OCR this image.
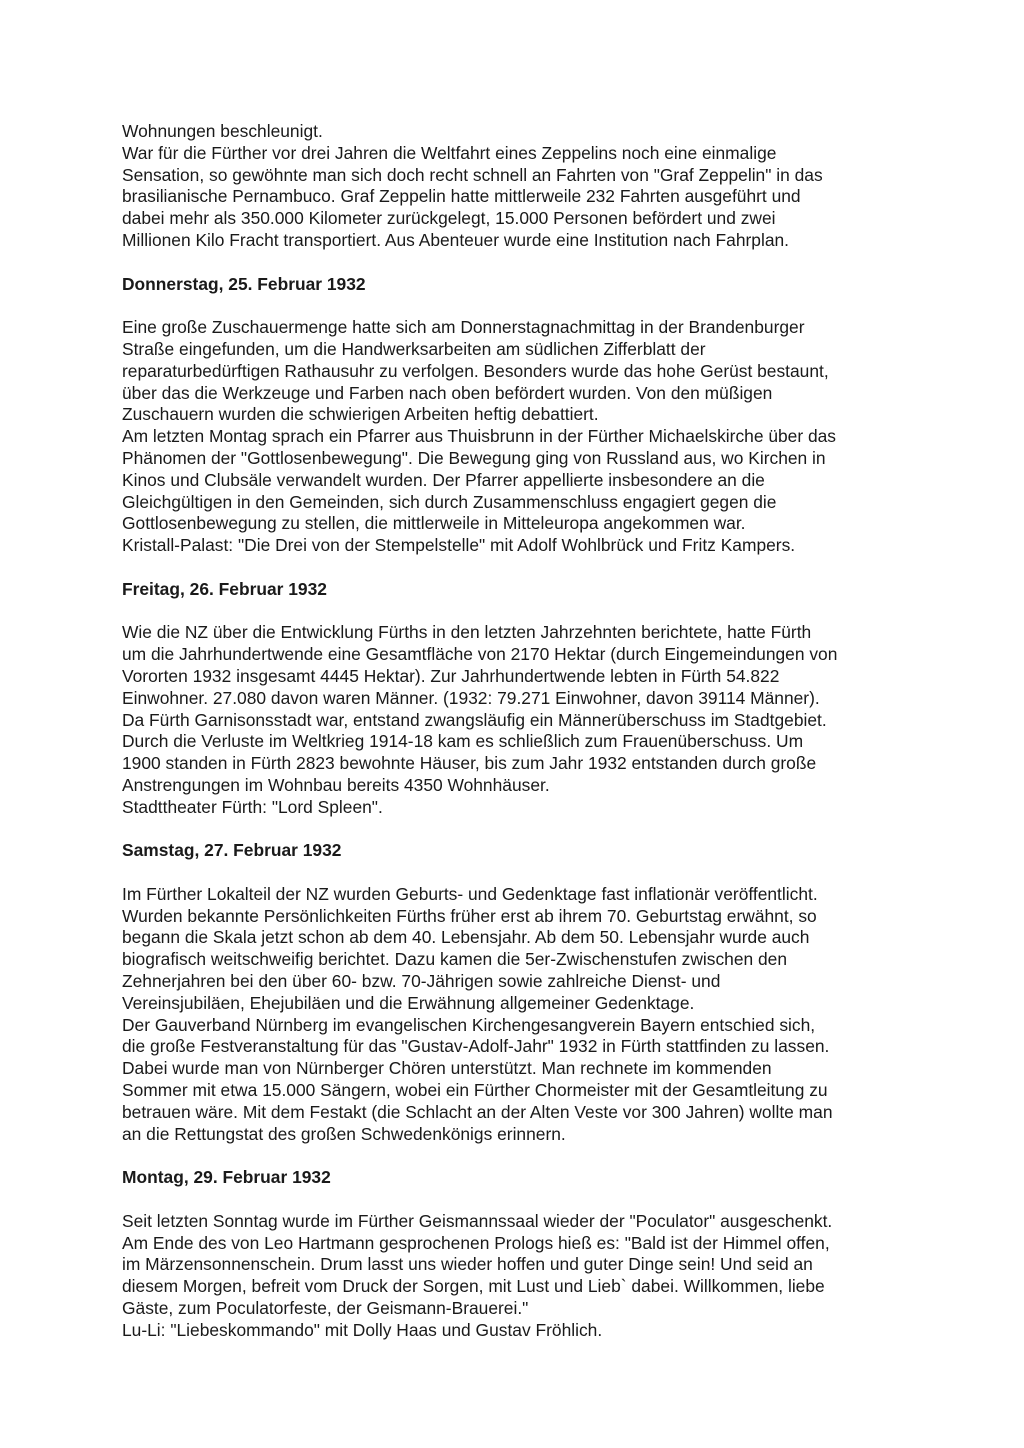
Wohnungen beschleunigt.
War für die Fürther vor drei Jahren die Weltfahrt eines Zeppelins noch eine einmalige
Sensation, so gewöhnte man sich doch recht schnell an Fahrten von "Graf Zeppelin" in das
brasilianische Pernambuco. Graf Zeppelin hatte mittlerweile 232 Fahrten ausgeführt und
dabei mehr als 350.000 Kilometer zurückgelegt, 15.000 Personen befördert und zwei
Millionen Kilo Fracht transportiert. Aus Abenteuer wurde eine Institution nach Fahrplan.
Donnerstag, 25. Februar 1932
Eine große Zuschauermenge hatte sich am Donnerstagnachmittag in der Brandenburger
Straße eingefunden, um die Handwerksarbeiten am südlichen Zifferblatt der
reparaturbedürftigen Rathausuhr zu verfolgen. Besonders wurde das hohe Gerüst bestaunt,
über das die Werkzeuge und Farben nach oben befördert wurden. Von den müßigen
Zuschauern wurden die schwierigen Arbeiten heftig debattiert.
Am letzten Montag sprach ein Pfarrer aus Thuisbrunn in der Fürther Michaelskirche über das
Phänomen der "Gottlosenbewegung". Die Bewegung ging von Russland aus, wo Kirchen in
Kinos und Clubsäle verwandelt wurden. Der Pfarrer appellierte insbesondere an die
Gleichgültigen in den Gemeinden, sich durch Zusammenschluss engagiert gegen die
Gottlosenbewegung zu stellen, die mittlerweile in Mitteleuropa angekommen war.
Kristall-Palast: "Die Drei von der Stempelstelle" mit Adolf Wohlbrück und Fritz Kampers.
Freitag, 26. Februar 1932
Wie die NZ über die Entwicklung Fürths in den letzten Jahrzehnten berichtete, hatte Fürth
um die Jahrhundertwende eine Gesamtfläche von 2170 Hektar (durch Eingemeindungen von
Vororten 1932 insgesamt 4445 Hektar). Zur Jahrhundertwende lebten in Fürth 54.822
Einwohner. 27.080 davon waren Männer. (1932: 79.271 Einwohner, davon 39114 Männer).
Da Fürth Garnisonsstadt war, entstand zwangsläufig ein Männerüberschuss im Stadtgebiet.
Durch die Verluste im Weltkrieg 1914-18 kam es schließlich zum Frauenüberschuss. Um
1900 standen in Fürth 2823 bewohnte Häuser, bis zum Jahr 1932 entstanden durch große
Anstrengungen im Wohnbau bereits 4350 Wohnhäuser.
Stadttheater Fürth: "Lord Spleen".
Samstag, 27. Februar 1932
Im Fürther Lokalteil der NZ wurden Geburts- und Gedenktage fast inflationär veröffentlicht.
Wurden bekannte Persönlichkeiten Fürths früher erst ab ihrem 70. Geburtstag erwähnt, so
begann die Skala jetzt schon ab dem 40. Lebensjahr. Ab dem 50. Lebensjahr wurde auch
biografisch weitschweifig berichtet. Dazu kamen die 5er-Zwischenstufen zwischen den
Zehnerjahren bei den über 60- bzw. 70-Jährigen sowie zahlreiche Dienst- und
Vereinsjubiläen, Ehejubiläen und die Erwähnung allgemeiner Gedenktage.
Der Gauverband Nürnberg im evangelischen Kirchengesangverein Bayern entschied sich,
die große Festveranstaltung für das "Gustav-Adolf-Jahr" 1932 in Fürth stattfinden zu lassen.
Dabei wurde man von Nürnberger Chören unterstützt. Man rechnete im kommenden
Sommer mit etwa 15.000 Sängern, wobei ein Fürther Chormeister mit der Gesamtleitung zu
betrauen wäre. Mit dem Festakt (die Schlacht an der Alten Veste vor 300 Jahren) wollte man
an die Rettungstat des großen Schwedenkönigs erinnern.
Montag, 29. Februar 1932
Seit letzten Sonntag wurde im Fürther Geismannssaal wieder der "Poculator" ausgeschenkt.
Am Ende des von Leo Hartmann gesprochenen Prologs hieß es: "Bald ist der Himmel offen,
im Märzensonnenschein. Drum lasst uns wieder hoffen und guter Dinge sein! Und seid an
diesem Morgen, befreit vom Druck der Sorgen, mit Lust und Lieb` dabei. Willkommen, liebe
Gäste, zum Poculatorfeste, der Geismann-Brauerei."
Lu-Li: "Liebeskommando" mit Dolly Haas und Gustav Fröhlich.
